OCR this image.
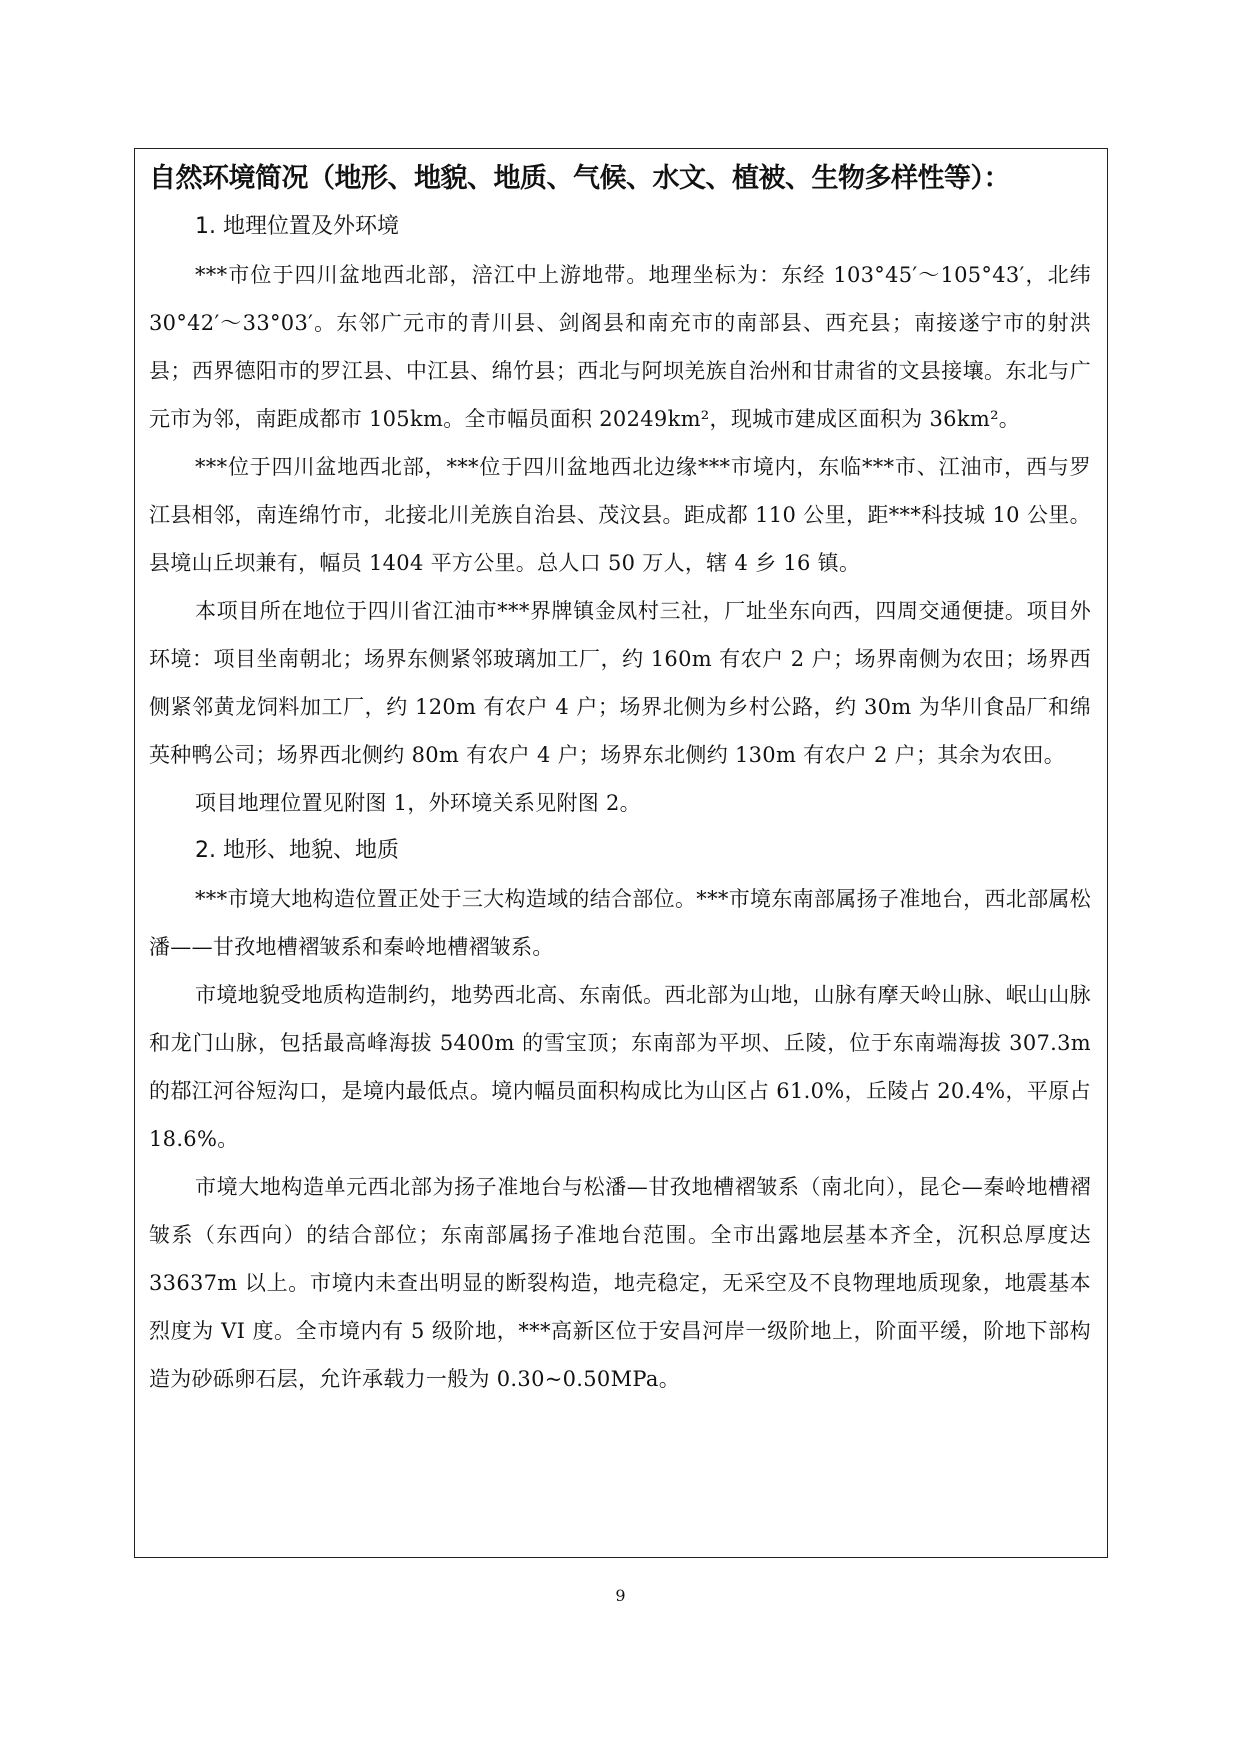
自然环境简况（地形、地貌、地质、气候、水文、植被、生物多样性等）：

1. 地理位置及外环境

***市位于四川盆地西北部，涪江中上游地带。地理坐标为：东经 103°45′～105°43′，北纬 30°42′～33°03′。东邻广元市的青川县、剑阁县和南充市的南部县、西充县；南接遂宁市的射洪县；西界德阳市的罗江县、中江县、绵竹县；西北与阿坝羌族自治州和甘肃省的文县接壤。东北与广元市为邻，南距成都市 105km。全市幅员面积 20249km²，现城市建成区面积为 36km²。

***位于四川盆地西北部，***位于四川盆地西北边缘***市境内，东临***市、江油市，西与罗江县相邻，南连绵竹市，北接北川羌族自治县、茂汶县。距成都 110 公里，距***科技城 10 公里。县境山丘坝兼有，幅员 1404 平方公里。总人口 50 万人，辖 4 乡 16 镇。

本项目所在地位于四川省江油市***界牌镇金凤村三社，厂址坐东向西，四周交通便捷。项目外环境：项目坐南朝北；场界东侧紧邻玻璃加工厂，约 160m 有农户 2 户；场界南侧为农田；场界西侧紧邻黄龙饲料加工厂，约 120m 有农户 4 户；场界北侧为乡村公路，约 30m 为华川食品厂和绵英种鸭公司；场界西北侧约 80m 有农户 4 户；场界东北侧约 130m 有农户 2 户；其余为农田。

项目地理位置见附图 1，外环境关系见附图 2。

2. 地形、地貌、地质

***市境大地构造位置正处于三大构造域的结合部位。***市境东南部属扬子准地台，西北部属松潘——甘孜地槽褶皱系和秦岭地槽褶皱系。

市境地貌受地质构造制约，地势西北高、东南低。西北部为山地，山脉有摩天岭山脉、岷山山脉和龙门山脉，包括最高峰海拔 5400m 的雪宝顶；东南部为平坝、丘陵，位于东南端海拔 307.3m 的鄀江河谷短沟口，是境内最低点。境内幅员面积构成比为山区占 61.0%，丘陵占 20.4%，平原占 18.6%。

市境大地构造单元西北部为扬子准地台与松潘—甘孜地槽褶皱系（南北向），昆仑—秦岭地槽褶皱系（东西向）的结合部位；东南部属扬子准地台范围。全市出露地层基本齐全，沉积总厚度达 33637m 以上。市境内未查出明显的断裂构造，地壳稳定，无采空及不良物理地质现象，地震基本烈度为 VI 度。全市境内有 5 级阶地，***高新区位于安昌河岸一级阶地上，阶面平缓，阶地下部构造为砂砾卵石层，允许承载力一般为 0.30~0.50MPa。

9
